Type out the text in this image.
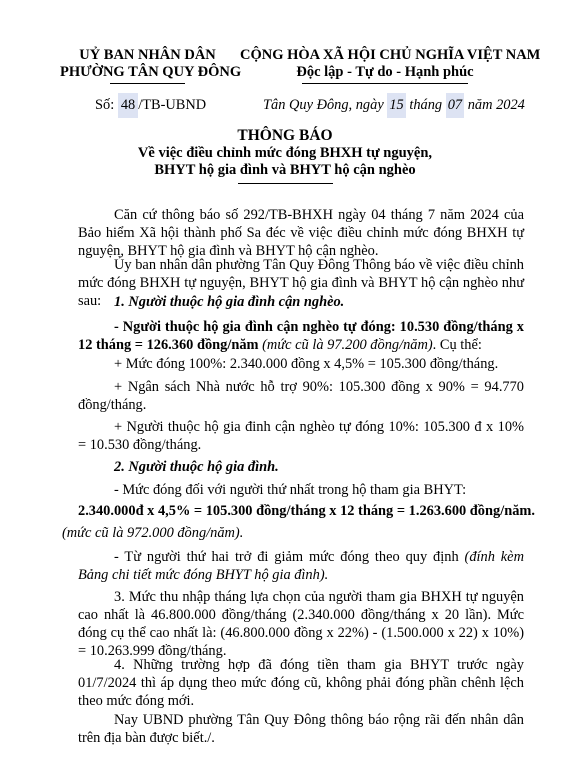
UỶ BAN NHÂN DÂN
PHƯỜNG TÂN QUY ĐÔNG
CỘNG HÒA XÃ HỘI CHỦ NGHĨA VIỆT NAM
Độc lập - Tự do - Hạnh phúc
Số: 48 /TB-UBND	Tân Quy Đông, ngày 15 tháng 07 năm 2024
THÔNG BÁO
Về việc điều chỉnh mức đóng BHXH tự nguyện,
BHYT hộ gia đình và BHYT hộ cận nghèo
Căn cứ thông báo số 292/TB-BHXH ngày 04 tháng 7 năm 2024 của Bảo hiểm Xã hội thành phố Sa đéc về việc điều chỉnh mức đóng BHXH tự nguyện, BHYT hộ gia đình và BHYT hộ cận nghèo.
Ủy ban nhân dân phường Tân Quy Đông Thông báo về việc điều chỉnh mức đóng BHXH tự nguyện, BHYT hộ gia đình và BHYT hộ cận nghèo như sau: 1. Người thuộc hộ gia đình cận nghèo.
- Người thuộc hộ gia đình cận nghèo tự đóng: 10.530 đồng/tháng x 12 tháng = 126.360 đồng/năm (mức cũ là 97.200 đồng/năm). Cụ thể:
+ Mức đóng 100%: 2.340.000 đồng x 4,5% = 105.300 đồng/tháng.
+ Ngân sách Nhà nước hỗ trợ 90%: 105.300 đồng x 90% = 94.770 đồng/tháng.
+ Người thuộc hộ gia đinh cận nghèo tự đóng 10%: 105.300 đ x 10% = 10.530 đồng/tháng.
2. Người thuộc hộ gia đình.
- Mức đóng đối với người thứ nhất trong hộ tham gia BHYT:
2.340.000đ x 4,5% = 105.300 đồng/tháng x 12 tháng = 1.263.600 đồng/năm.
(mức cũ là 972.000 đồng/năm).
- Từ người thứ hai trở đi giảm mức đóng theo quy định (đính kèm Bảng chi tiết mức đóng BHYT hộ gia đình).
3. Mức thu nhập tháng lựa chọn của người tham gia BHXH tự nguyện cao nhất là 46.800.000 đồng/tháng (2.340.000 đồng/tháng x 20 lần). Mức đóng cụ thể cao nhất là: (46.800.000 đồng x 22%) - (1.500.000 x 22) x 10%) = 10.263.999 đồng/tháng.
4. Những trường hợp đã đóng tiền tham gia BHYT trước ngày 01/7/2024 thì áp dụng theo mức đóng cũ, không phải đóng phần chênh lệch theo mức đóng mới.
Nay UBND phường Tân Quy Đông thông báo rộng rãi đến nhân dân trên địa bàn được biết./.
